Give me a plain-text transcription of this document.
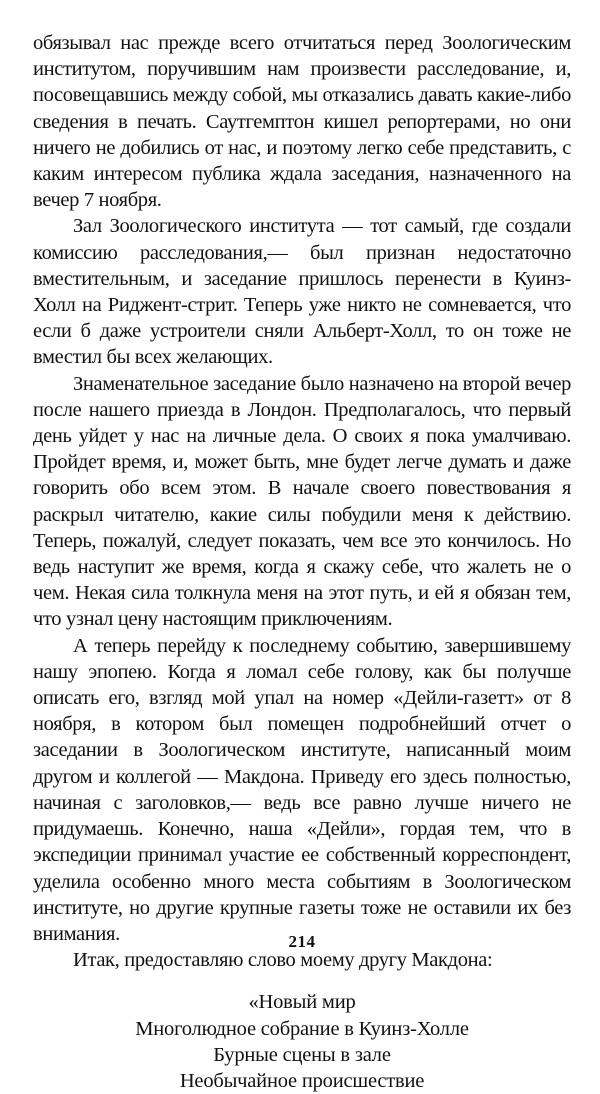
обязывал нас прежде всего отчитаться перед Зоологическим институтом, поручившим нам произвести расследование, и, посовещавшись между собой, мы отказались давать какие-либо сведения в печать. Саутгемптон кишел репортерами, но они ничего не добились от нас, и поэтому легко себе представить, с каким интересом публика ждала заседания, назначенного на вечер 7 ноября.

Зал Зоологического института — тот самый, где создали комиссию расследования,— был признан недостаточно вместительным, и заседание пришлось перенести в Куинз-Холл на Риджент-стрит. Теперь уже никто не сомневается, что если б даже устроители сняли Альберт-Холл, то он тоже не вместил бы всех желающих.

Знаменательное заседание было назначено на второй вечер после нашего приезда в Лондон. Предполагалось, что первый день уйдет у нас на личные дела. О своих я пока умалчиваю. Пройдет время, и, может быть, мне будет легче думать и даже говорить обо всем этом. В начале своего повествования я раскрыл читателю, какие силы побудили меня к действию. Теперь, пожалуй, следует показать, чем все это кончилось. Но ведь наступит же время, когда я скажу себе, что жалеть не о чем. Некая сила толкнула меня на этот путь, и ей я обязан тем, что узнал цену настоящим приключениям.

А теперь перейду к последнему событию, завершившему нашу эпопею. Когда я ломал себе голову, как бы получше описать его, взгляд мой упал на номер «Дейли-газетт» от 8 ноября, в котором был помещен подробнейший отчет о заседании в Зоологическом институте, написанный моим другом и коллегой — Макдона. Приведу его здесь полностью, начиная с заголовков,— ведь все равно лучше ничего не придумаешь. Конечно, наша «Дейли», гордая тем, что в экспедиции принимал участие ее собственный корреспондент, уделила особенно много места событиям в Зоологическом институте, но другие крупные газеты тоже не оставили их без внимания.

Итак, предоставляю слово моему другу Макдона:

«Новый мир
Многолюдное собрание в Куинз-Холле
Бурные сцены в зале
Необычайное происшествие
214
